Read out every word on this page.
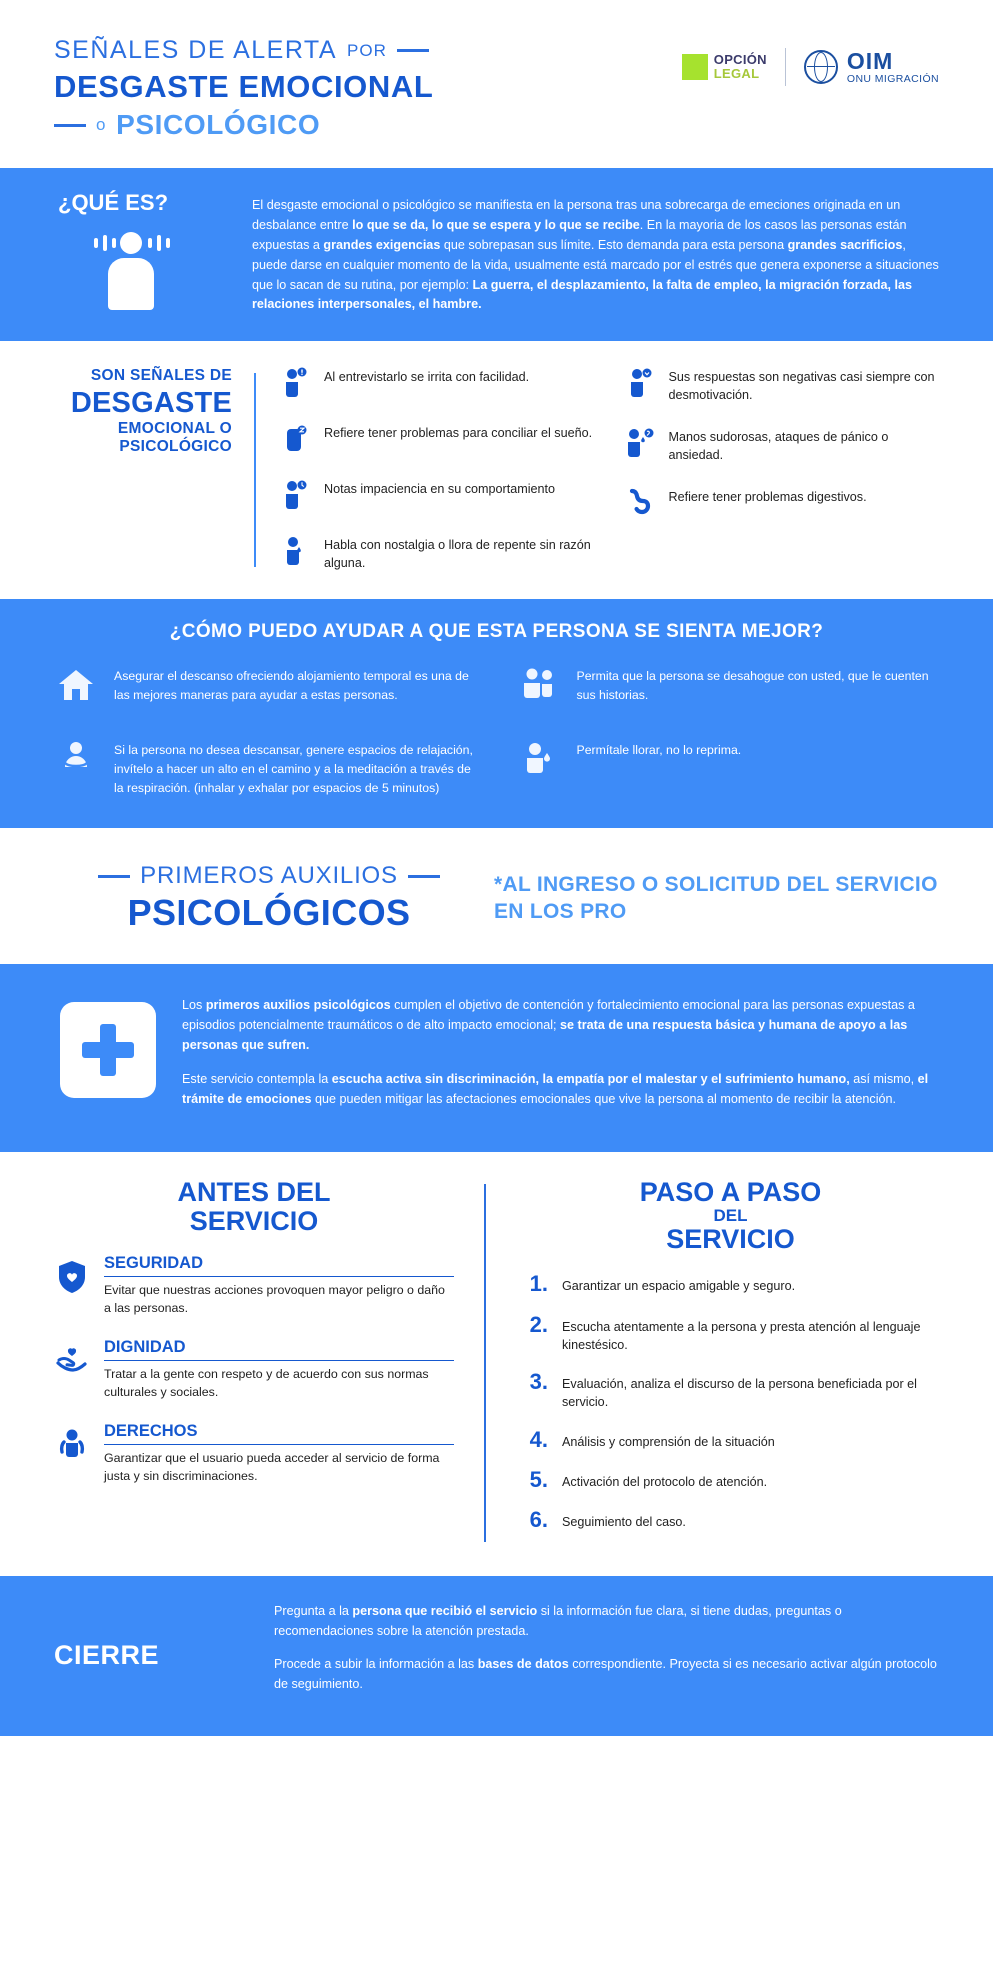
SEÑALES DE ALERTA POR
DESGASTE EMOCIONAL
o PSICOLÓGICO
OPCIÓN
LEGAL	OIM
ONU MIGRACIÓN
¿QUÉ ES?	El desgaste emocional o psicológico se manifiesta en la persona tras una sobrecarga de emeciones originada en un desbalance entre lo que se da, lo que se espera y lo que se recibe. En la mayoria de los casos las personas están expuestas a grandes exigencias que sobrepasan sus límite. Esto demanda para esta persona grandes sacrificios, puede darse en cualquier momento de la vida, usualmente está marcado por el estrés que genera exponerse a situaciones que lo sacan de su rutina, por ejemplo: La guerra, el desplazamiento, la falta de empleo, la migración forzada, las relaciones interpersonales, el hambre.
SON SEÑALES DE
DESGASTE
EMOCIONAL O
PSICOLÓGICO
Al entrevistarlo se irrita con facilidad.
Refiere tener problemas para conciliar el sueño.
Notas impaciencia en su comportamiento
Habla con nostalgia o llora de repente sin razón alguna.
Sus respuestas son negativas casi siempre con desmotivación.
Manos sudorosas, ataques de pánico o ansiedad.
Refiere tener problemas digestivos.
¿CÓMO PUEDO AYUDAR A QUE ESTA PERSONA SE SIENTA MEJOR?
Asegurar el descanso ofreciendo alojamiento temporal es una de las mejores maneras para ayudar a estas personas.
Si la persona no desea descansar, genere espacios de relajación, invítelo a hacer un alto en el camino y a la meditación a través de la respiración. (inhalar y exhalar por espacios de 5 minutos)
Permita que la persona se desahogue con usted, que le cuenten sus historias.
Permítale llorar, no lo reprima.
PRIMEROS AUXILIOS
PSICOLÓGICOS
*AL INGRESO O SOLICITUD DEL SERVICIO EN LOS PRO

Los primeros auxilios psicológicos cumplen el objetivo de contención y fortalecimiento emocional para las personas expuestas a episodios potencialmente traumáticos o de alto impacto emocional; se trata de una respuesta básica y humana de apoyo a las personas que sufren.

Este servicio contempla la escucha activa sin discriminación, la empatía por el malestar y el sufrimiento humano, así mismo, el trámite de emociones que pueden mitigar las afectaciones emocionales que vive la persona al momento de recibir la atención.

ANTES DEL
SERVICIO
SEGURIDAD
Evitar que nuestras acciones provoquen mayor peligro o daño a las personas.
DIGNIDAD
Tratar a la gente con respeto y de acuerdo con sus normas culturales y sociales.
DERECHOS
Garantizar que el usuario pueda acceder al servicio de forma justa y sin discriminaciones.
PASO A PASO
DEL
SERVICIO
1. Garantizar un espacio amigable y seguro.
2. Escucha atentamente a la persona y presta atención al lenguaje kinestésico.
3. Evaluación, analiza el discurso de la persona beneficiada por el servicio.
4. Análisis y comprensión de la situación
5. Activación del protocolo de atención.
6. Seguimiento del caso.
CIERRE

Pregunta a la persona que recibió el servicio si la información fue clara, si tiene dudas, preguntas o recomendaciones sobre la atención prestada.

Procede a subir la información a las bases de datos correspondiente. Proyecta si es necesario activar algún protocolo de seguimiento.
